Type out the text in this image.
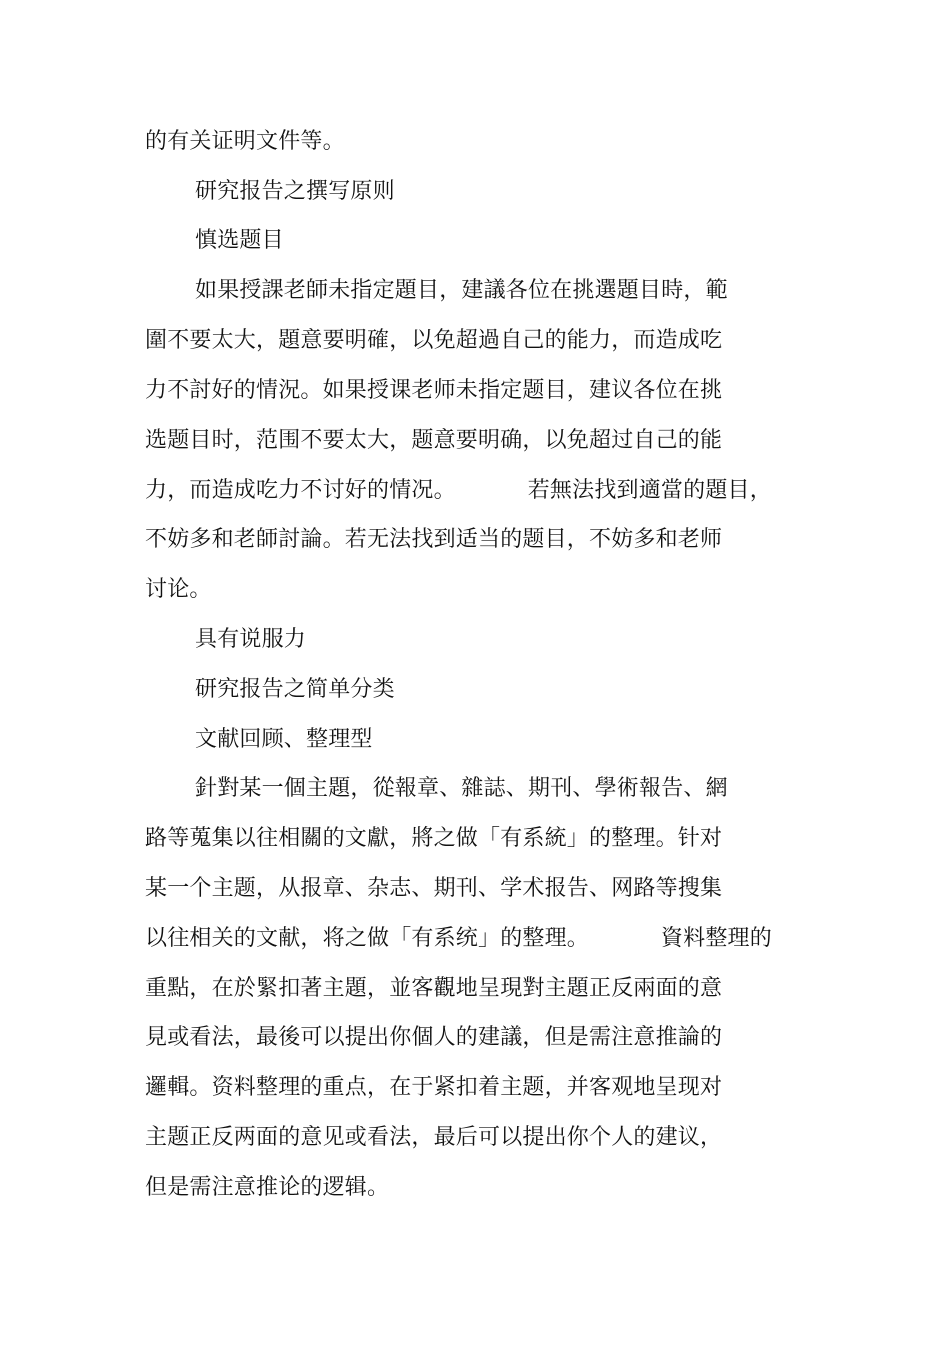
的有关证明文件等。
研究报告之撰写原则
慎选题目
如果授課老師未指定題目，建議各位在挑選題目時，範
圍不要太大，題意要明確，以免超過自己的能力，而造成吃
力不討好的情況。如果授课老师未指定题目，建议各位在挑
选题目时，范围不要太大，题意要明确，以免超过自己的能
力，而造成吃力不讨好的情况。          若無法找到適當的題目，
不妨多和老師討論。若无法找到适当的题目，不妨多和老师
讨论。
具有说服力
研究报告之简单分类
文献回顾、整理型
針對某一個主題，從報章、雜誌、期刊、學術報告、網
路等蒐集以往相關的文獻，將之做「有系統」的整理。针对
某一个主题，从报章、杂志、期刊、学术报告、网路等搜集
以往相关的文献，将之做「有系统」的整理。          資料整理的
重點，在於緊扣著主題，並客觀地呈現對主題正反兩面的意
見或看法，最後可以提出你個人的建議，但是需注意推論的
邏輯。资料整理的重点，在于紧扣着主题，并客观地呈现对
主题正反两面的意见或看法，最后可以提出你个人的建议，
但是需注意推论的逻辑。
